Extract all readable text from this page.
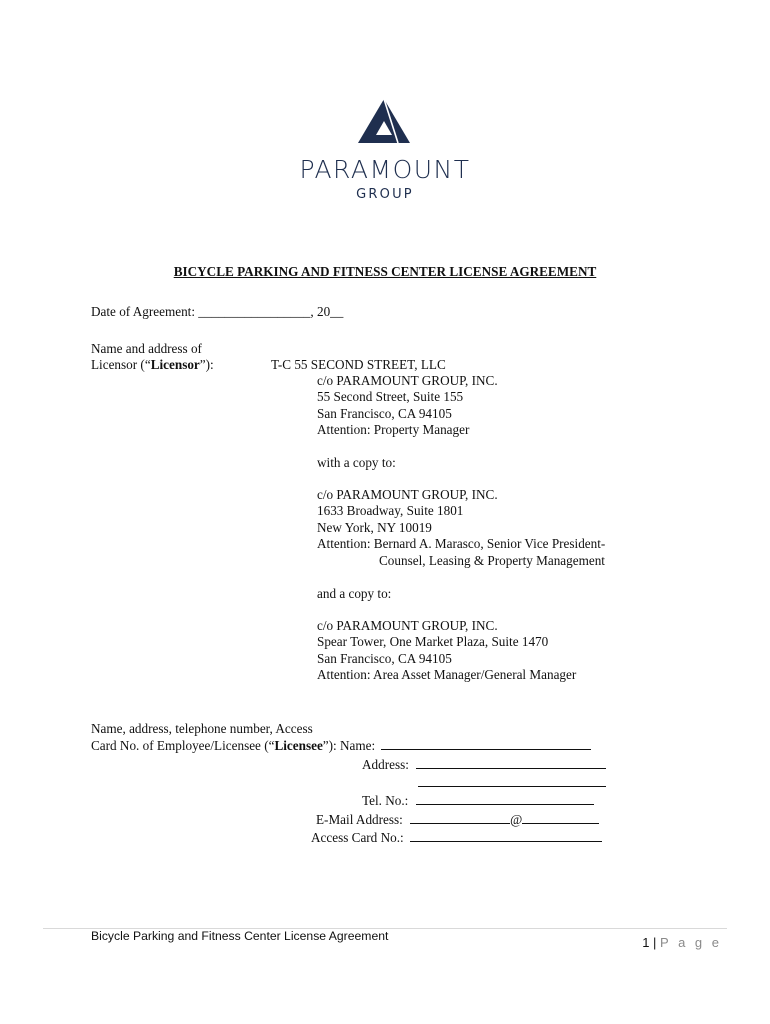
PARAMOUNT
GROUP
BICYCLE PARKING AND FITNESS CENTER LICENSE AGREEMENT
Date of Agreement: _________________, 20__
Name and address of
Licensor (“Licensor”):	T-C 55 SECOND STREET, LLC
c/o PARAMOUNT GROUP, INC.
55 Second Street, Suite 155
San Francisco, CA 94105
Attention: Property Manager
with a copy to:
c/o PARAMOUNT GROUP, INC.
1633 Broadway, Suite 1801
New York, NY 10019
Attention: Bernard A. Marasco, Senior Vice President-
Counsel, Leasing & Property Management
and a copy to:
c/o PARAMOUNT GROUP, INC.
Spear Tower, One Market Plaza, Suite 1470
San Francisco, CA 94105
Attention: Area Asset Manager/General Manager
Name, address, telephone number, Access
Card No. of Employee/Licensee (“Licensee”): Name:
Address:
Tel. No.:
E-Mail Address:	@
Access Card No.:
Bicycle Parking and Fitness Center License Agreement	1 | P a g e
